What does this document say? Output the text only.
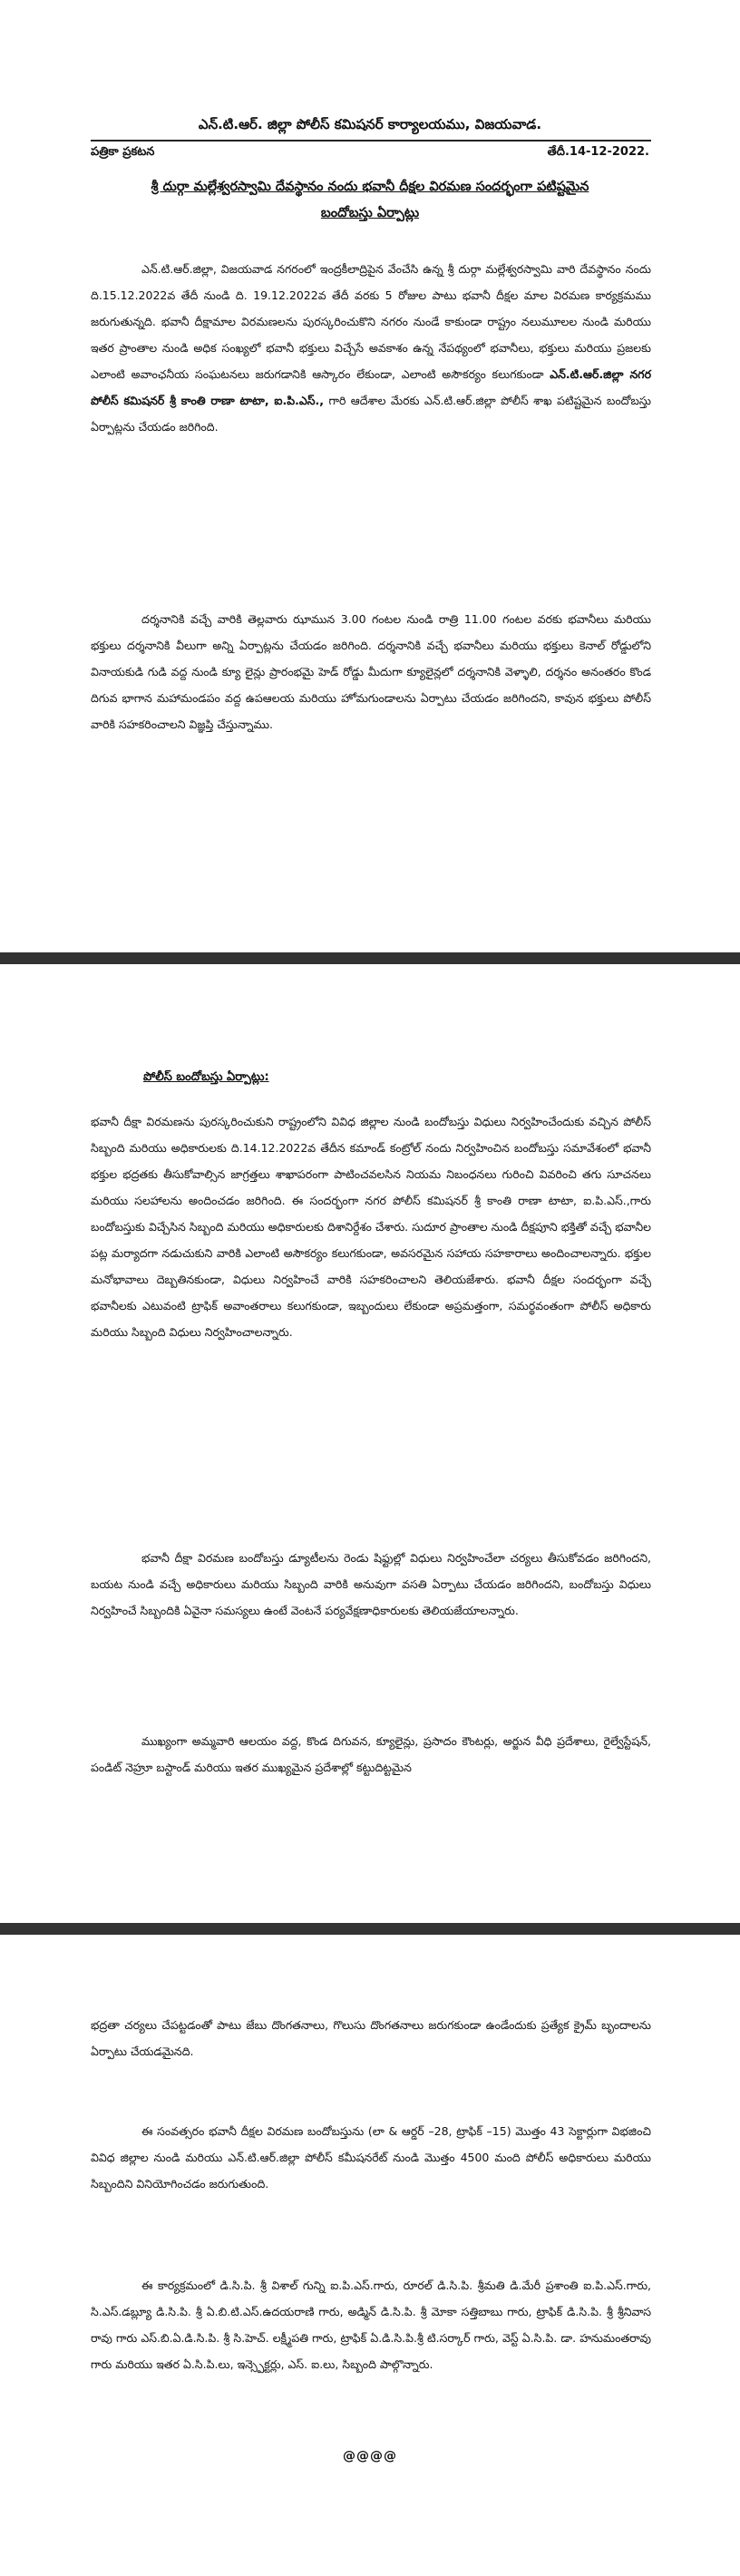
ఎన్.టి.ఆర్. జిల్లా పోలీస్ కమిషనర్ కార్యాలయము, విజయవాడ.
పత్రికా ప్రకటన	తేదీ.14-12-2022.
శ్రీ దుర్గా మల్లేశ్వరస్వామి దేవస్థానం నందు భవానీ దీక్షల విరమణ సందర్భంగా పటిష్టమైన
బందోబస్తు ఏర్పాట్లు
ఎన్.టి.ఆర్.జిల్లా, విజయవాడ నగరంలో ఇంద్రకీలాద్రిపైన వేంచేసి ఉన్న శ్రీ దుర్గా మల్లేశ్వరస్వామి వారి దేవస్థానం నందు ది.15.12.2022వ తేదీ నుండి ది. 19.12.2022వ తేదీ వరకు 5 రోజుల పాటు భవానీ దీక్షల మాల విరమణ కార్యక్రమము జరుగుతున్నది. భవానీ దీక్షామాల విరమణలను పురస్కరించుకొని నగరం నుండే కాకుండా రాష్ట్రం నలుమూలల నుండి మరియు ఇతర ప్రాంతాల నుండి అధిక సంఖ్యలో భవానీ భక్తులు విచ్చేసే అవకాశం ఉన్న నేపథ్యంలో భవానీలు, భక్తులు మరియు ప్రజలకు ఎలాంటి అవాంఛనీయ సంఘటనలు జరుగడానికి ఆస్కారం లేకుండా, ఎలాంటి అసౌకర్యం కలుగకుండా ఎన్.టి.ఆర్.జిల్లా నగర పోలీస్ కమిషనర్ శ్రీ కాంతి రాణా టాటా, ఐ.పి.ఎస్., గారి ఆదేశాల మేరకు ఎన్.టి.ఆర్.జిల్లా పోలీస్ శాఖ పటిష్టమైన బందోబస్తు ఏర్పాట్లను చేయడం జరిగింది.
దర్శనానికి వచ్చే వారికి తెల్లవారు ఝామున 3.00 గంటల నుండి రాత్రి 11.00 గంటల వరకు భవానీలు మరియు భక్తులు దర్శనానికి వీలుగా అన్ని ఏర్పాట్లను చేయడం జరిగింది. దర్శనానికి వచ్చే భవానీలు మరియు భక్తులు కెనాల్ రోడ్డులోని వినాయకుడి గుడి వద్ద నుండి క్యూ లైన్లు ప్రారంభమై హెడ్ రోడ్డు మీదుగా క్యూలైన్లలో దర్శనానికి వెళ్ళాలి, దర్శనం అనంతరం కొండ దిగువ భాగాన మహామండపం వద్ద ఉపఆలయ మరియు హోమగుండాలను ఏర్పాటు చేయడం జరిగిందని, కావున భక్తులు పోలీస్ వారికి సహకరించాలని విజ్ఞప్తి చేస్తున్నాము.
పోలీస్ బందోబస్తు ఏర్పాట్లు:
భవానీ దీక్షా విరమణను పురస్కరించుకుని రాష్ట్రంలోని వివిధ జిల్లాల నుండి బందోబస్తు విధులు నిర్వహించేందుకు వచ్చిన పోలీస్ సిబ్బంది మరియు అధికారులకు ది.14.12.2022వ తేదీన కమాండ్ కంట్రోల్ నందు నిర్వహించిన బందోబస్తు సమావేశంలో భవానీ భక్తుల భద్రతకు తీసుకోవాల్సిన జాగ్రత్తలు శాఖాపరంగా పాటించవలసిన నియమ నిబంధనలు గురించి వివరించి తగు సూచనలు మరియు సలహాలను అందించడం జరిగింది. ఈ సందర్భంగా నగర పోలీస్ కమిషనర్ శ్రీ కాంతి రాణా టాటా, ఐ.పి.ఎస్.,గారు బందోబస్తుకు విచ్చేసిన సిబ్బంది మరియు అధికారులకు దిశానిర్దేశం చేశారు. సుదూర ప్రాంతాల నుండి దీక్షపూని భక్తితో వచ్చే భవానీల పట్ల మర్యాదగా నడుచుకుని వారికి ఎలాంటి అసౌకర్యం కలుగకుండా, అవసరమైన సహాయ సహకారాలు అందించాలన్నారు. భక్తుల మనోభావాలు దెబ్బతినకుండా, విధులు నిర్వహించే వారికి సహకరించాలని తెలియజేశారు. భవానీ దీక్షల సందర్భంగా వచ్చే భవానీలకు ఎటువంటి ట్రాఫిక్ అవాంతరాలు కలుగకుండా, ఇబ్బందులు లేకుండా అప్రమత్తంగా, సమర్థవంతంగా పోలీస్ అధికారు మరియు సిబ్బంది విధులు నిర్వహించాలన్నారు.
భవానీ దీక్షా విరమణ బందోబస్తు డ్యూటీలను రెండు షిఫ్టుల్లో విధులు నిర్వహించేలా చర్యలు తీసుకోవడం జరిగిందని, బయట నుండి వచ్చే అధికారులు మరియు సిబ్బంది వారికి అనువుగా వసతి ఏర్పాటు చేయడం జరిగిందని, బందోబస్తు విధులు నిర్వహించే సిబ్బందికి ఏవైనా సమస్యలు ఉంటే వెంటనే పర్యవేక్షణాధికారులకు తెలియజేయాలన్నారు.
ముఖ్యంగా అమ్మవారి ఆలయం వద్ద, కొండ దిగువన, క్యూలైన్లు, ప్రసాదం కౌంటర్లు, అర్జున వీధి ప్రదేశాలు, రైల్వేస్టేషన్, పండిట్ నెహ్రూ బస్టాండ్ మరియు ఇతర ముఖ్యమైన ప్రదేశాల్లో కట్టుదిట్టమైన
భద్రతా చర్యలు చేపట్టడంతో పాటు జేబు దొంగతనాలు, గొలుసు దొంగతనాలు జరుగకుండా ఉండేందుకు ప్రత్యేక క్రైమ్ బృందాలను ఏర్పాటు చేయడమైనది.
ఈ సంవత్సరం భవానీ దీక్షల విరమణ బందోబస్తును (లా & ఆర్డర్ –28, ట్రాఫిక్ –15) మొత్తం 43 సెక్టార్లుగా విభజించి వివిధ జిల్లాల నుండి మరియు ఎన్.టి.ఆర్.జిల్లా పోలీస్ కమీషనరేట్ నుండి మొత్తం 4500 మంది పోలీస్ అధికారులు మరియు సిబ్బందిని వినియోగించడం జరుగుతుంది.
ఈ కార్యక్రమంలో డి.సి.పి. శ్రీ విశాల్ గున్ని ఐ.పి.ఎస్.గారు, రూరల్ డి.సి.పి. శ్రీమతి డి.మేరీ ప్రశాంతి ఐ.పి.ఎస్.గారు, సి.ఎస్.డబ్ల్యూ డి.సి.పి. శ్రీ ఏ.బి.టి.ఎస్.ఉదయరాణి గారు, అడ్మిన్ డి.సి.పి. శ్రీ మోకా సత్తిబాబు గారు, ట్రాఫిక్ డి.సి.పి. శ్రీ శ్రీనివాస రావు గారు ఎస్.బి.ఏ.డి.సి.పి. శ్రీ సి.హెచ్. లక్ష్మీపతి గారు, ట్రాఫిక్ ఏ.డి.సి.పి.శ్రీ టి.సర్కార్ గారు, వెస్ట్ ఏ.సి.పి. డా. హనుమంతరావు గారు మరియు ఇతర ఏ.సి.పి.లు, ఇన్స్పెక్టర్లు, ఎస్. ఐ.లు, సిబ్బంది పాల్గొన్నారు.
@@@@
